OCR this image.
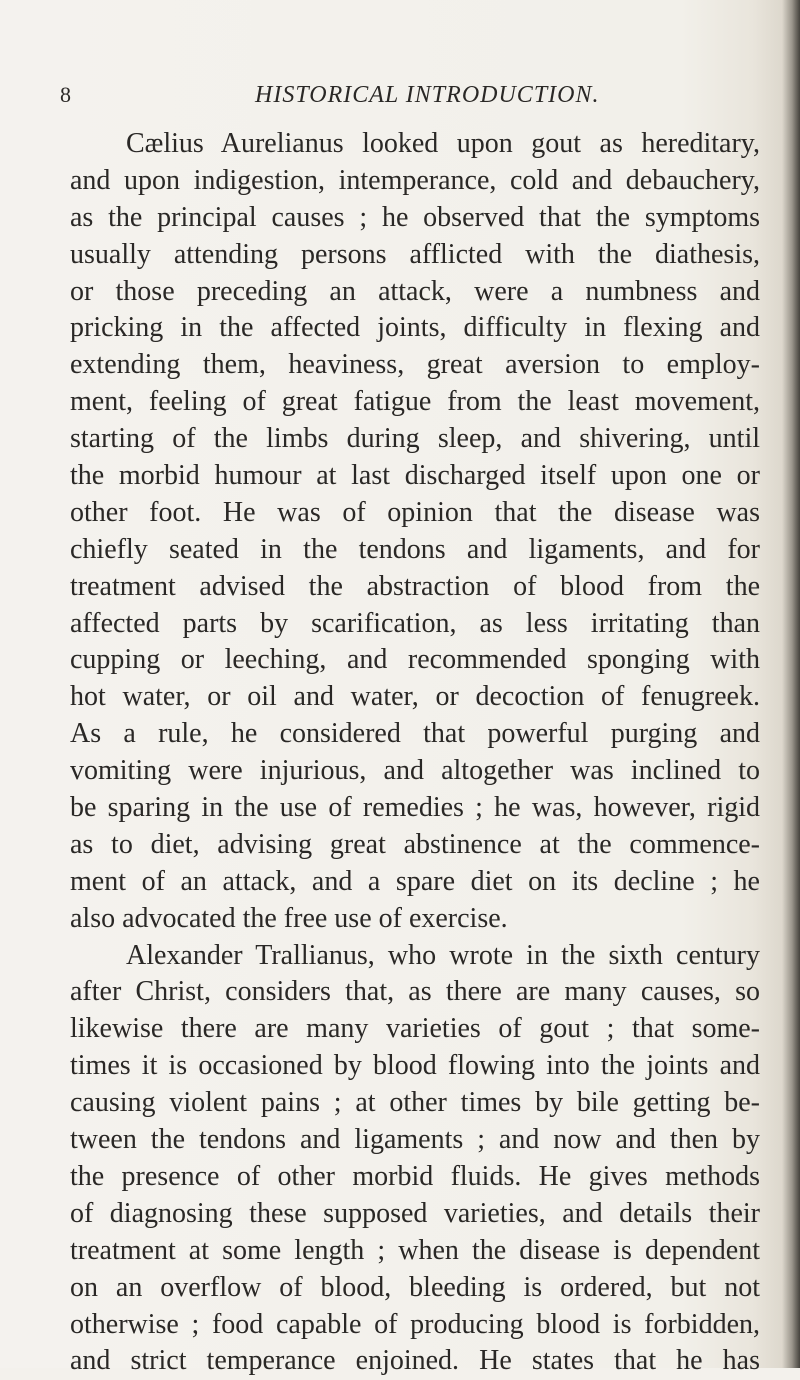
8	HISTORICAL INTRODUCTION.
Cælius Aurelianus looked upon gout as hereditary,
and upon indigestion, intemperance, cold and debauchery,
as the principal causes ; he observed that the symptoms
usually attending persons afflicted with the diathesis,
or those preceding an attack, were a numbness and
pricking in the affected joints, difficulty in flexing and
extending them, heaviness, great aversion to employ-
ment, feeling of great fatigue from the least movement,
starting of the limbs during sleep, and shivering, until
the morbid humour at last discharged itself upon one or
other foot. He was of opinion that the disease was
chiefly seated in the tendons and ligaments, and for
treatment advised the abstraction of blood from the
affected parts by scarification, as less irritating than
cupping or leeching, and recommended sponging with
hot water, or oil and water, or decoction of fenugreek.
As a rule, he considered that powerful purging and
vomiting were injurious, and altogether was inclined to
be sparing in the use of remedies ; he was, however, rigid
as to diet, advising great abstinence at the commence-
ment of an attack, and a spare diet on its decline ; he
also advocated the free use of exercise.
Alexander Trallianus, who wrote in the sixth century
after Christ, considers that, as there are many causes, so
likewise there are many varieties of gout ; that some-
times it is occasioned by blood flowing into the joints and
causing violent pains ; at other times by bile getting be-
tween the tendons and ligaments ; and now and then by
the presence of other morbid fluids. He gives methods
of diagnosing these supposed varieties, and details their
treatment at some length ; when the disease is dependent
on an overflow of blood, bleeding is ordered, but not
otherwise ; food capable of producing blood is forbidden,
and strict temperance enjoined. He states that he has
